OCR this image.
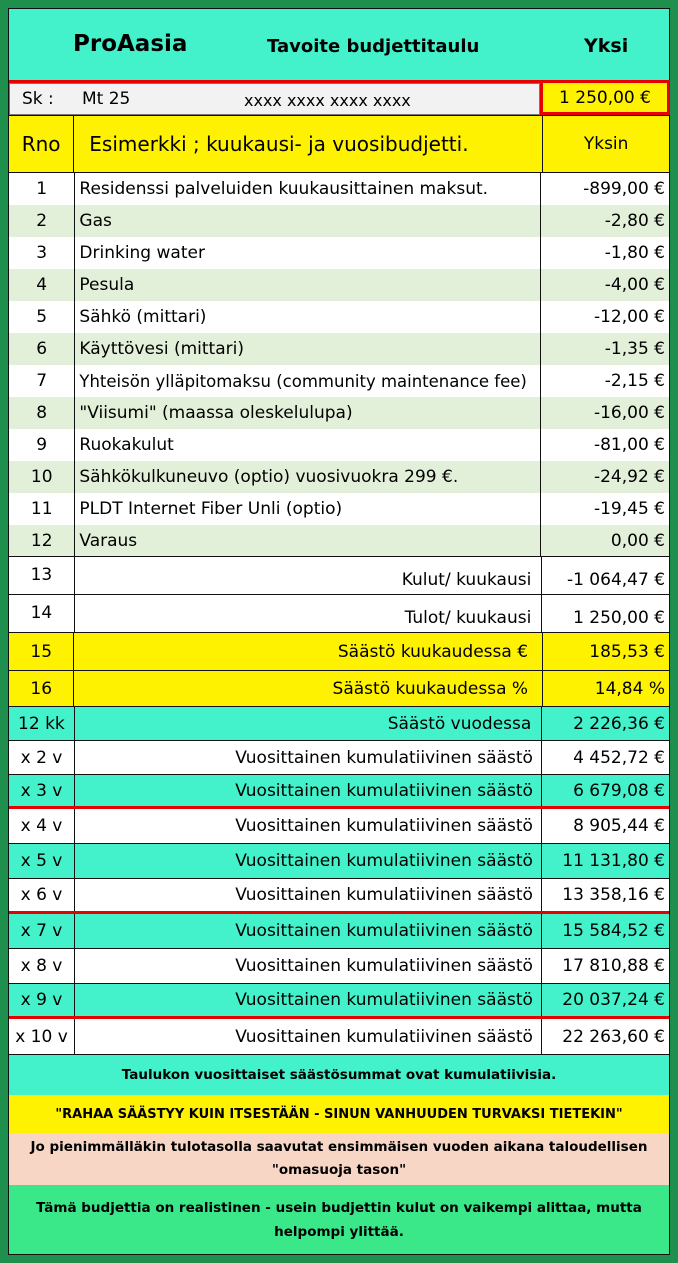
ProAasia	Tavoite budjettitaulu	Yksi
Sk : Mt 25	xxxx xxxx xxxx xxxx	1 250,00 €
Rno Esimerkki ; kuukausi- ja vuosibudjetti.	Yksin
1	Residenssi palveluiden kuukausittainen maksut.	-899,00 €
2	Gas	-2,80 €
3	Drinking water	-1,80 €
4	Pesula	-4,00 €
5	Sähkö (mittari)	-12,00 €
6	Käyttövesi (mittari)	-1,35 €
7	Yhteisön ylläpitomaksu (community maintenance fee)	-2,15 €
8	"Viisumi" (maassa oleskelulupa)	-16,00 €
9	Ruokakulut	-81,00 €
10	Sähkökulkuneuvo (optio) vuosivuokra 299 €.	-24,92 €
11	PLDT Internet Fiber Unli (optio)	-19,45 €
12	Varaus	0,00 €
13	Kulut/ kuukausi	-1 064,47 €
14	Tulot/ kuukausi	1 250,00 €
15	Säästö kuukaudessa €	185,53 €
16	Säästö kuukaudessa %	14,84 %
12 kk	Säästö vuodessa	2 226,36 €
x 2 v	Vuosittainen kumulatiivinen säästö	4 452,72 €
x 3 v	Vuosittainen kumulatiivinen säästö	6 679,08 €
x 4 v	Vuosittainen kumulatiivinen säästö	8 905,44 €
x 5 v	Vuosittainen kumulatiivinen säästö	11 131,80 €
x 6 v	Vuosittainen kumulatiivinen säästö	13 358,16 €
x 7 v	Vuosittainen kumulatiivinen säästö	15 584,52 €
x 8 v	Vuosittainen kumulatiivinen säästö	17 810,88 €
x 9 v	Vuosittainen kumulatiivinen säästö	20 037,24 €
x 10 v	Vuosittainen kumulatiivinen säästö	22 263,60 €
Taulukon vuosittaiset säästösummat ovat kumulatiivisia.
"RAHAA SÄÄSTYY KUIN ITSESTÄÄN - SINUN VANHUUDEN TURVAKSI TIETEKIN"
Jo pienimmälläkin tulotasolla saavutat ensimmäisen vuoden aikana taloudellisen "omasuoja tason"
Tämä budjettia on realistinen - usein budjettin kulut on vaikempi alittaa, mutta helpompi ylittää.
